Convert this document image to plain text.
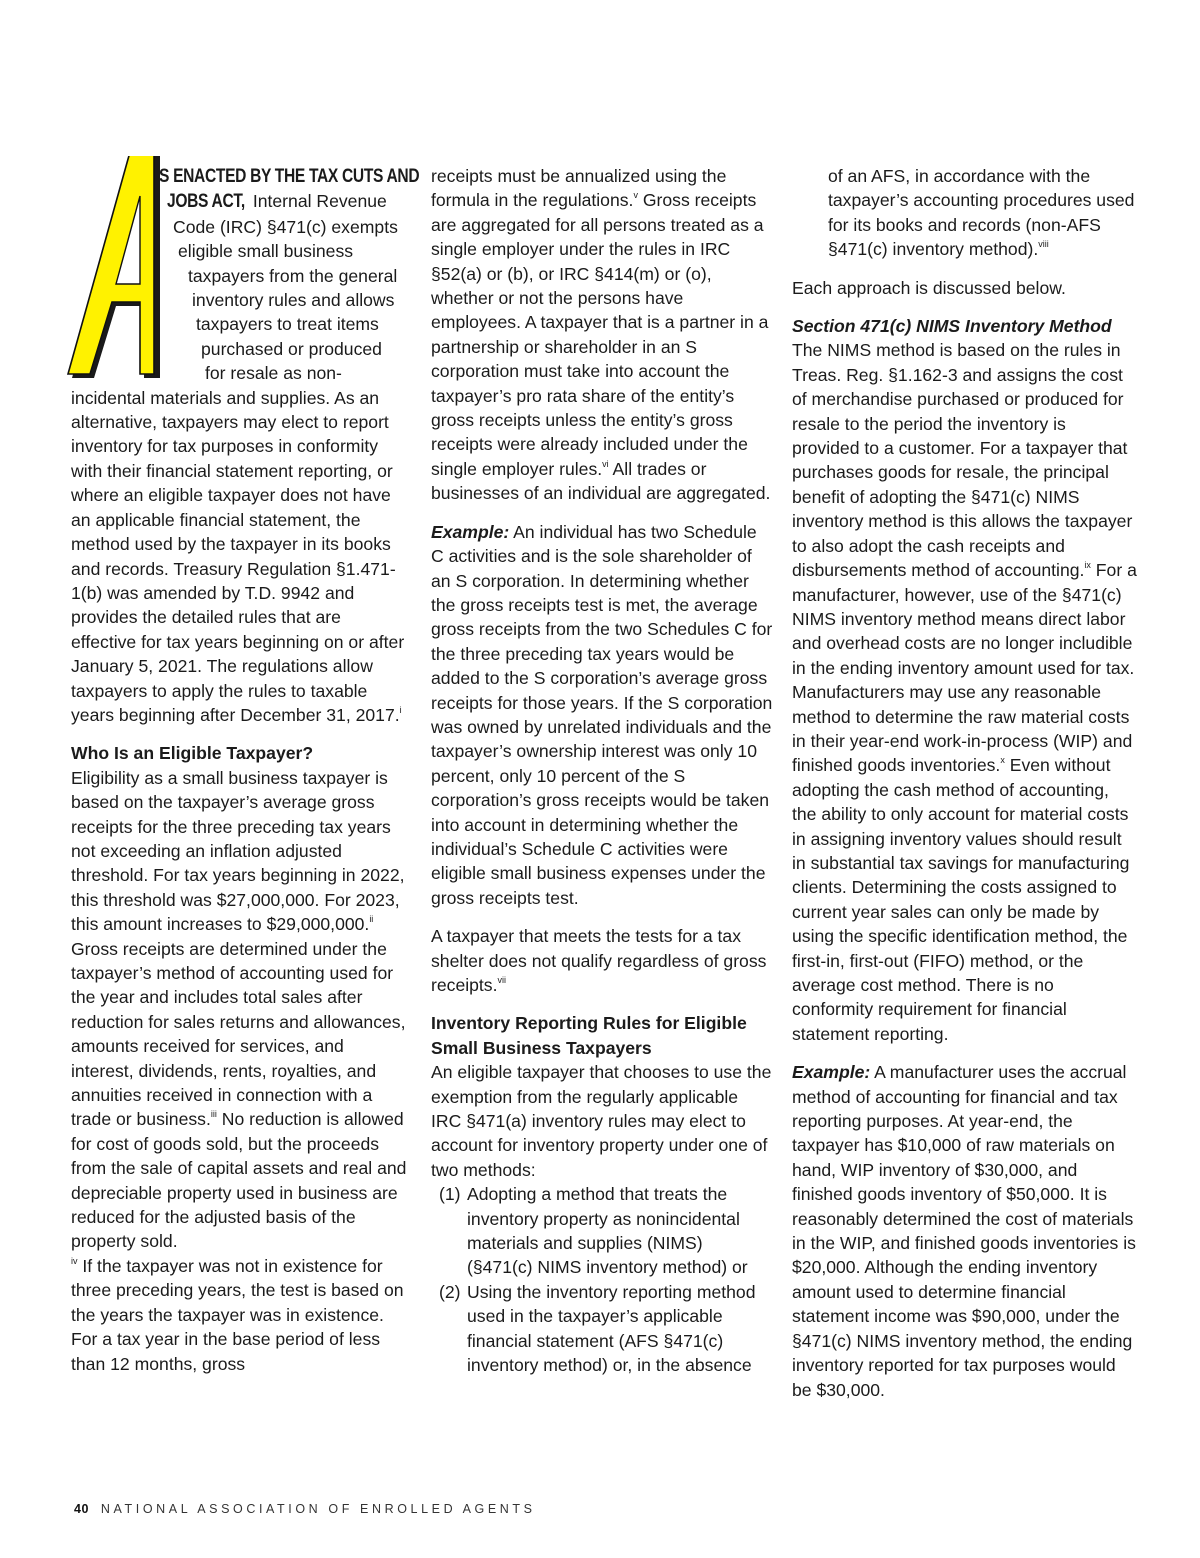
S ENACTED BY THE TAX CUTS AND
JOBS ACT, Internal Revenue
Code (IRC) §471(c) exempts
eligible small business
taxpayers from the general
inventory rules and allows
taxpayers to treat items
purchased or produced
for resale as non-

incidental materials and supplies. As an alternative, taxpayers may elect to report inventory for tax purposes in conformity with their financial statement reporting, or where an eligible taxpayer does not have an applicable financial statement, the method used by the taxpayer in its books and records. Treasury Regulation §1.471-1(b) was amended by T.D. 9942 and provides the detailed rules that are effective for tax years beginning on or after January 5, 2021. The regulations allow taxpayers to apply the rules to taxable years beginning after December 31, 2017.$^i$

Who Is an Eligible Taxpayer?

Eligibility as a small business taxpayer is based on the taxpayer’s average gross receipts for the three preceding tax years not exceeding an inflation adjusted threshold. For tax years beginning in 2022, this threshold was $27,000,000. For 2023, this amount increases to $29,000,000.$^{ii}$ Gross receipts are determined under the taxpayer’s method of accounting used for the year and includes total sales after reduction for sales returns and allowances, amounts received for services, and interest, dividends, rents, royalties, and annuities received in connection with a trade or business.$^{iii}$ No reduction is allowed for cost of goods sold, but the proceeds from the sale of capital assets and real and depreciable property used in business are reduced for the adjusted basis of the property sold.
$^{iv}$ If the taxpayer was not in existence for three preceding years, the test is based on the years the taxpayer was in existence. For a tax year in the base period of less than 12 months, gross

receipts must be annualized using the formula in the regulations.$^v$ Gross receipts are aggregated for all persons treated as a single employer under the rules in IRC §52(a) or (b), or IRC §414(m) or (o), whether or not the persons have employees. A taxpayer that is a partner in a partnership or shareholder in an S corporation must take into account the taxpayer’s pro rata share of the entity’s gross receipts unless the entity’s gross receipts were already included under the single employer rules.$^{vi}$ All trades or businesses of an individual are aggregated.

Example: An individual has two Schedule C activities and is the sole shareholder of an S corporation. In determining whether the gross receipts test is met, the average gross receipts from the two Schedules C for the three preceding tax years would be added to the S corporation’s average gross receipts for those years. If the S corporation was owned by unrelated individuals and the taxpayer’s ownership interest was only 10 percent, only 10 percent of the S corporation’s gross receipts would be taken into account in determining whether the individual’s Schedule C activities were eligible small business expenses under the gross receipts test.

A taxpayer that meets the tests for a tax shelter does not qualify regardless of gross receipts.$^{vii}$

Inventory Reporting Rules for Eligible Small Business Taxpayers

An eligible taxpayer that chooses to use the exemption from the regularly applicable IRC §471(a) inventory rules may elect to account for inventory property under one of two methods:

(1) Adopting a method that treats the inventory property as nonincidental materials and supplies (NIMS) (§471(c) NIMS inventory method) or
(2) Using the inventory reporting method used in the taxpayer’s applicable financial statement (AFS §471(c) inventory method) or, in the absence
of an AFS, in accordance with the taxpayer’s accounting procedures used for its books and records (non-AFS §471(c) inventory method).$^{viii}$

Each approach is discussed below.

Section 471(c) NIMS Inventory Method

The NIMS method is based on the rules in Treas. Reg. §1.162-3 and assigns the cost of merchandise purchased or produced for resale to the period the inventory is provided to a customer. For a taxpayer that purchases goods for resale, the principal benefit of adopting the §471(c) NIMS inventory method is this allows the taxpayer to also adopt the cash receipts and disbursements method of accounting.$^{ix}$ For a manufacturer, however, use of the §471(c) NIMS inventory method means direct labor and overhead costs are no longer includible in the ending inventory amount used for tax. Manufacturers may use any reasonable method to determine the raw material costs in their year-end work-in-process (WIP) and finished goods inventories.$^x$ Even without adopting the cash method of accounting, the ability to only account for material costs in assigning inventory values should result in substantial tax savings for manufacturing clients. Determining the costs assigned to current year sales can only be made by using the specific identification method, the first-in, first-out (FIFO) method, or the average cost method. There is no conformity requirement for financial statement reporting.

Example: A manufacturer uses the accrual method of accounting for financial and tax reporting purposes. At year-end, the taxpayer has $10,000 of raw materials on hand, WIP inventory of $30,000, and finished goods inventory of $50,000. It is reasonably determined the cost of materials in the WIP, and finished goods inventories is $20,000. Although the ending inventory amount used to determine financial statement income was $90,000, under the §471(c) NIMS inventory method, the ending inventory reported for tax purposes would be $30,000.

40 NATIONAL ASSOCIATION OF ENROLLED AGENTS
